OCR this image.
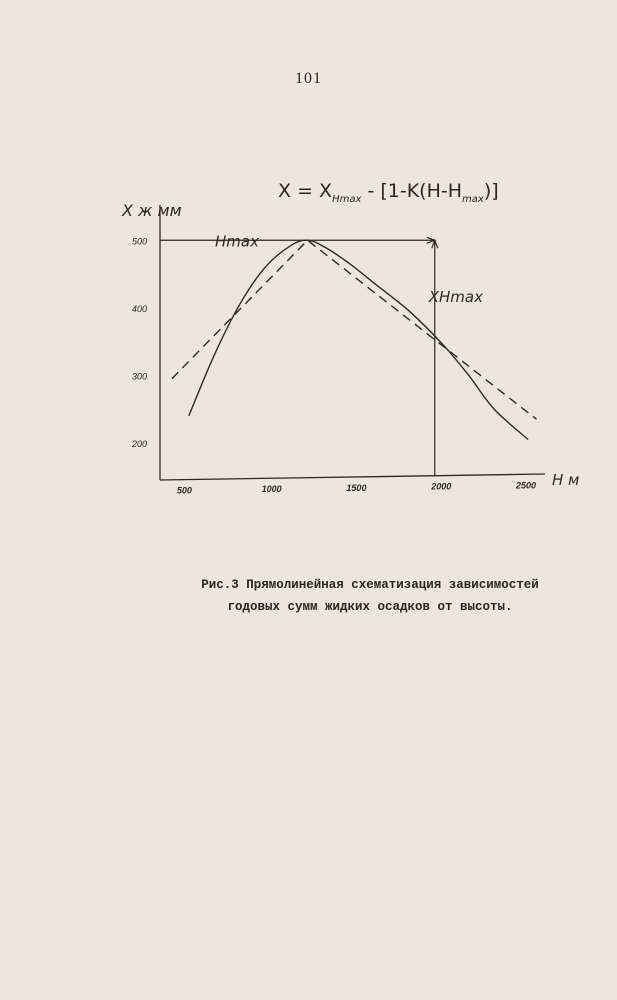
101
$X = X_{Hmax} - [1-K(H-H_{max})]$
X ж мм
H м
200
300
400
500
500	1000	1500	2000	2500
Hmax
XHmax
Рис.3 Прямолинейная схематизация зависимостей
годовых сумм жидких осадков от высоты.
